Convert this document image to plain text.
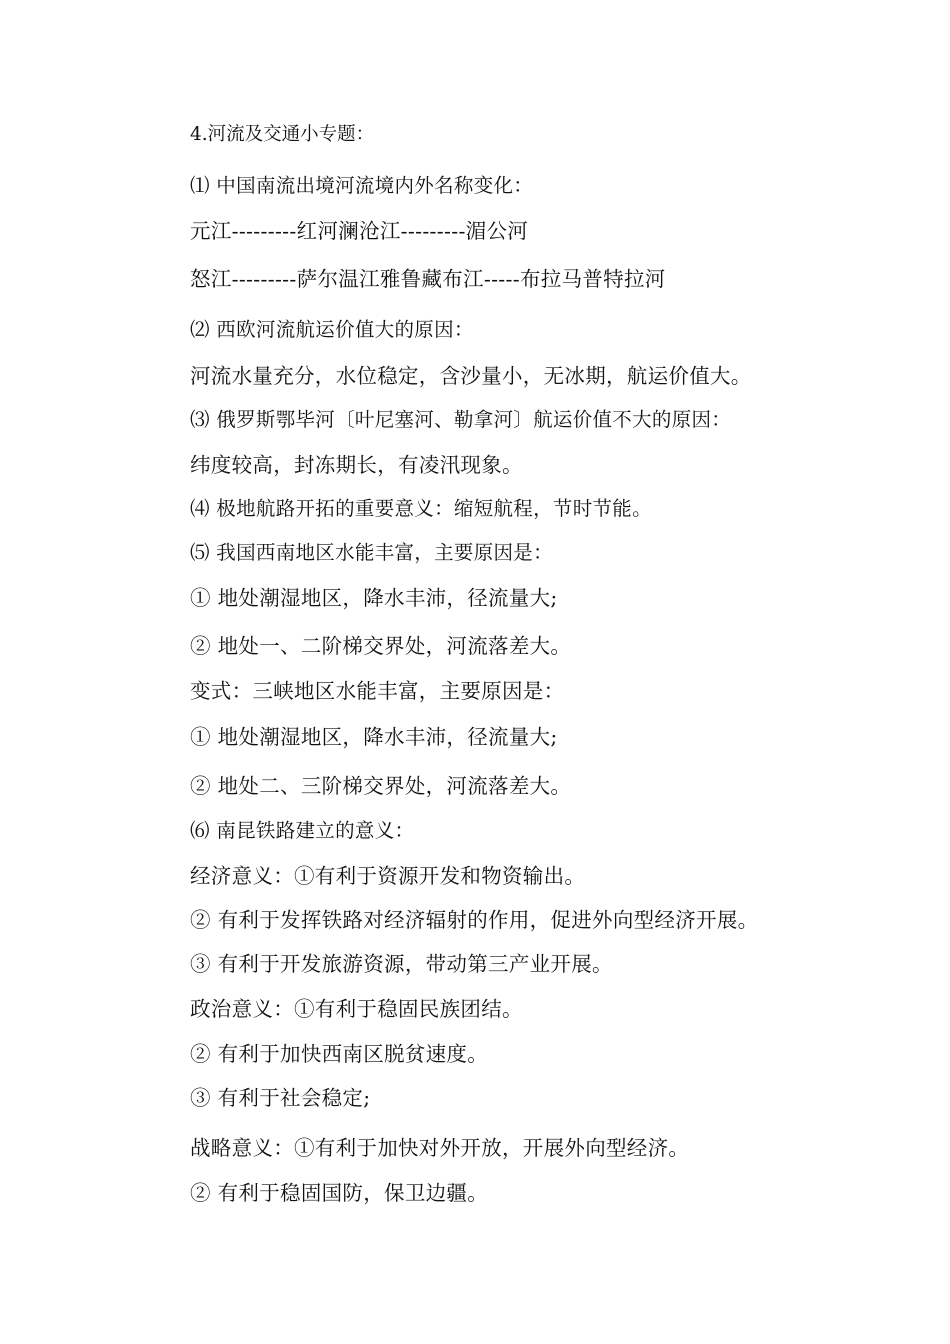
4.河流及交通小专题：

⑴ 中国南流出境河流境内外名称变化：

元江---------红河澜沧江---------湄公河

怒江---------萨尔温江雅鲁藏布江-----布拉马普特拉河

⑵ 西欧河流航运价值大的原因：

河流水量充分，水位稳定，含沙量小，无冰期，航运价值大。

⑶ 俄罗斯鄂毕河〔叶尼塞河、勒拿河〕航运价值不大的原因：

纬度较高，封冻期长，有凌汛现象。

⑷ 极地航路开拓的重要意义：缩短航程，节时节能。

⑸ 我国西南地区水能丰富，主要原因是：

① 地处潮湿地区，降水丰沛，径流量大;

② 地处一、二阶梯交界处，河流落差大。

变式：三峡地区水能丰富，主要原因是：

① 地处潮湿地区，降水丰沛，径流量大;

② 地处二、三阶梯交界处，河流落差大。

⑹ 南昆铁路建立的意义：

经济意义：①有利于资源开发和物资输出。

② 有利于发挥铁路对经济辐射的作用，促进外向型经济开展。

③ 有利于开发旅游资源，带动第三产业开展。

政治意义：①有利于稳固民族团结。

② 有利于加快西南区脱贫速度。

③ 有利于社会稳定;

战略意义：①有利于加快对外开放，开展外向型经济。

② 有利于稳固国防，保卫边疆。
